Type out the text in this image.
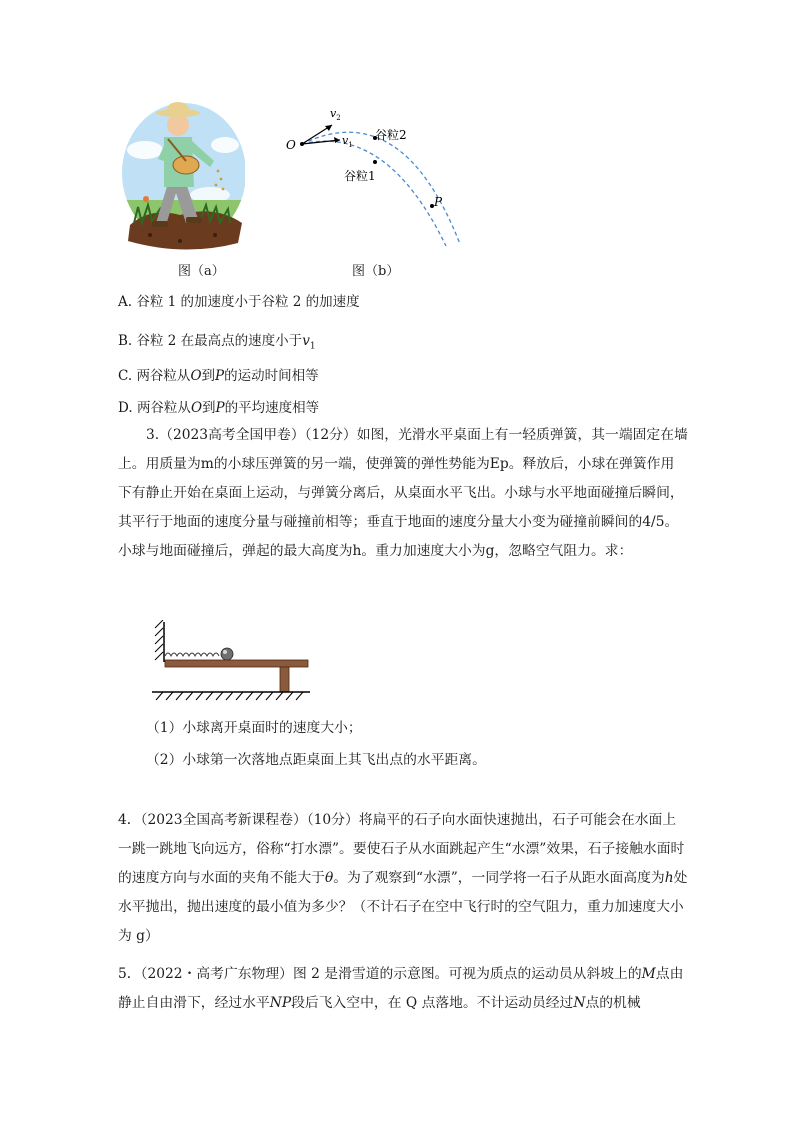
图（a）
O	$v_1$
$v_2$
谷粒2
谷粒1
P
图（b）
A. 谷粒 1 的加速度小于谷粒 2 的加速度
B. 谷粒 2 在最高点的速度小于$v_1$
C. 两谷粒从O到P的运动时间相等
D. 两谷粒从O到P的平均速度相等

3.（2023高考全国甲卷）（12分）如图，光滑水平桌面上有一轻质弹簧，其一端固定在墙上。用质量为m的小球压弹簧的另一端，使弹簧的弹性势能为Ep。释放后，小球在弹簧作用下有静止开始在桌面上运动，与弹簧分离后，从桌面水平飞出。小球与水平地面碰撞后瞬间，其平行于地面的速度分量与碰撞前相等；垂直于地面的速度分量大小变为碰撞前瞬间的4/5。小球与地面碰撞后，弹起的最大高度为h。重力加速度大小为g，忽略空气阻力。求：

（1）小球离开桌面时的速度大小；
（2）小球第一次落地点距桌面上其飞出点的水平距离。

4．（2023全国高考新课程卷）（10分）将扁平的石子向水面快速抛出，石子可能会在水面上一跳一跳地飞向远方，俗称“打水漂”。要使石子从水面跳起产生“水漂”效果，石子接触水面时的速度方向与水面的夹角不能大于θ。为了观察到“水漂”，一同学将一石子从距水面高度为h处水平抛出，抛出速度的最小值为多少？（不计石子在空中飞行时的空气阻力，重力加速度大小为 g）

5．（2022・高考广东物理）图 2 是滑雪道的示意图。可视为质点的运动员从斜坡上的M点由静止自由滑下，经过水平NP段后飞入空中，在 Q 点落地。不计运动员经过N点的机械
